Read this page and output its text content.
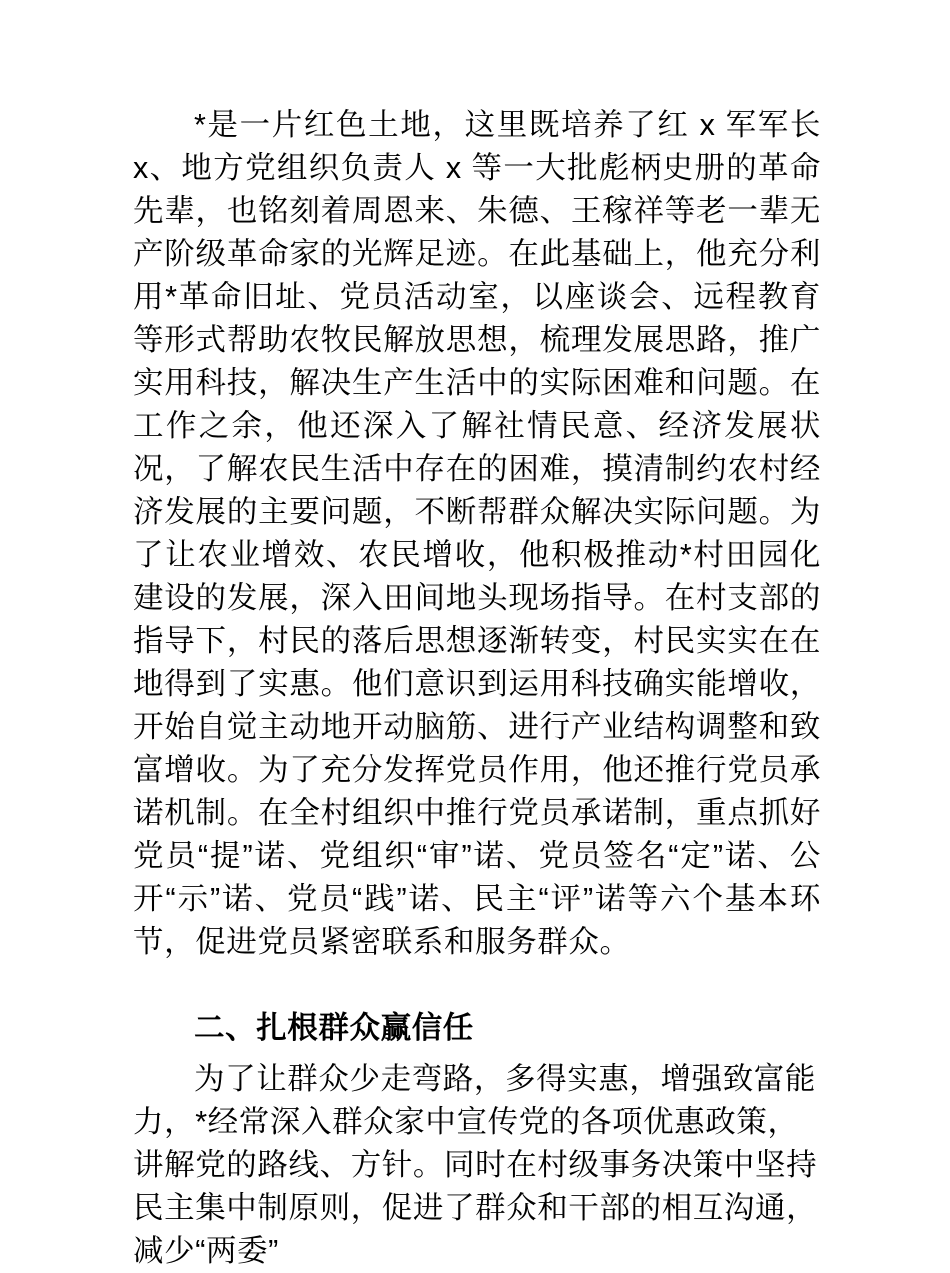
*是一片红色土地，这里既培养了红 x 军军长 x、地方党组织负责人 x 等一大批彪柄史册的革命先辈，也铭刻着周恩来、朱德、王稼祥等老一辈无产阶级革命家的光辉足迹。在此基础上，他充分利用*革命旧址、党员活动室，以座谈会、远程教育等形式帮助农牧民解放思想，梳理发展思路，推广实用科技，解决生产生活中的实际困难和问题。在工作之余，他还深入了解社情民意、经济发展状况，了解农民生活中存在的困难，摸清制约农村经济发展的主要问题，不断帮群众解决实际问题。为了让农业增效、农民增收，他积极推动*村田园化建设的发展，深入田间地头现场指导。在村支部的指导下，村民的落后思想逐渐转变，村民实实在在地得到了实惠。他们意识到运用科技确实能增收，开始自觉主动地开动脑筋、进行产业结构调整和致富增收。为了充分发挥党员作用，他还推行党员承诺机制。在全村组织中推行党员承诺制，重点抓好党员“提”诺、党组织“审”诺、党员签名“定”诺、公开“示”诺、党员“践”诺、民主“评”诺等六个基本环节，促进党员紧密联系和服务群众。

二、扎根群众赢信任

为了让群众少走弯路，多得实惠，增强致富能力，*经常深入群众家中宣传党的各项优惠政策，讲解党的路线、方针。同时在村级事务决策中坚持民主集中制原则，促进了群众和干部的相互沟通，减少“两委”
